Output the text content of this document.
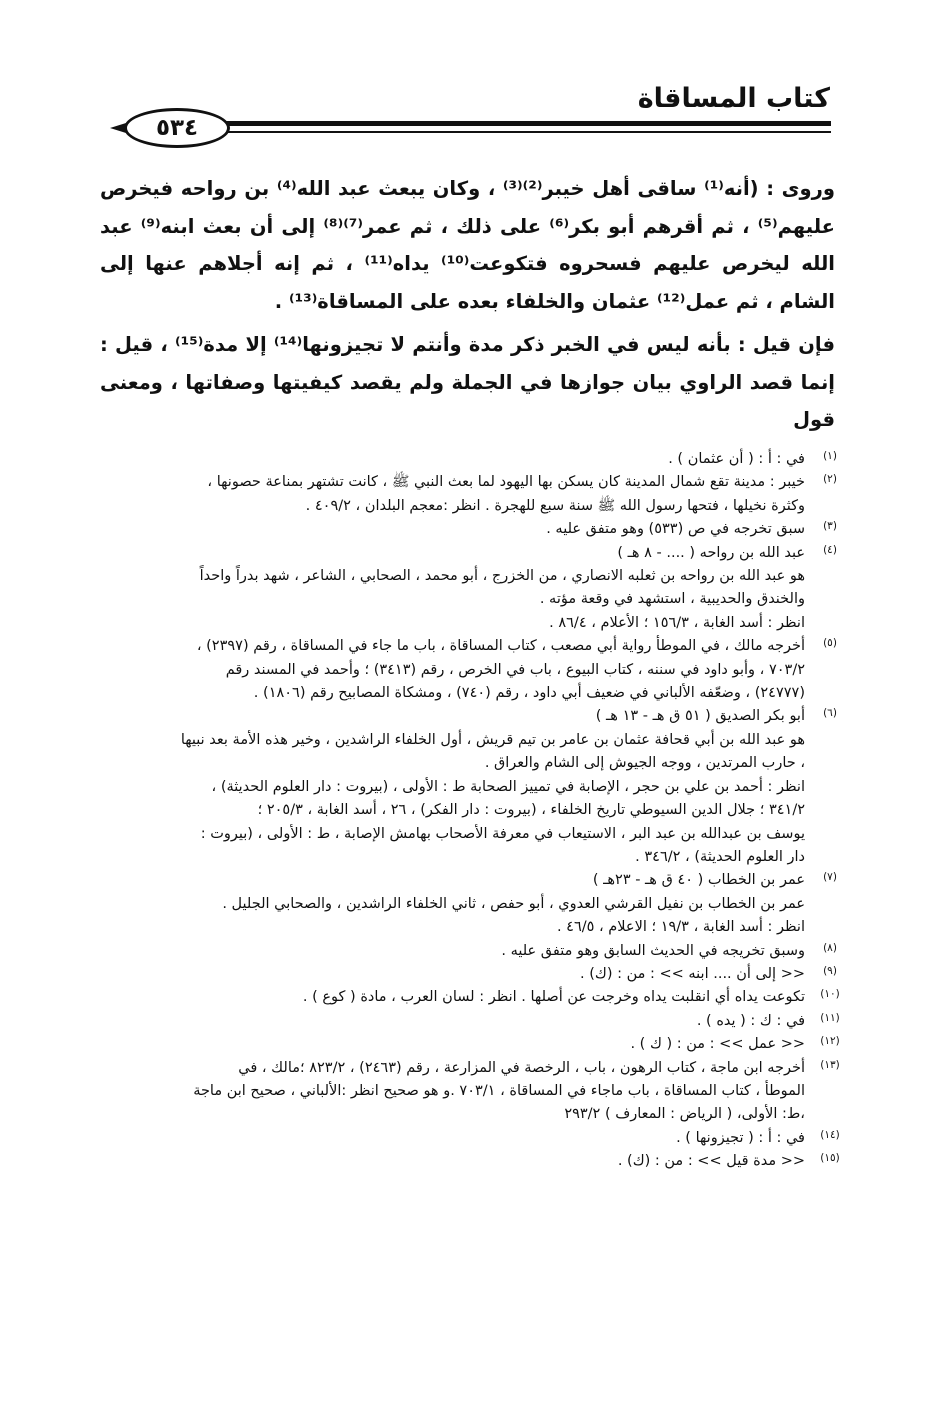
كتاب المساقاة
٥٣٤

وروى : (أنه⁽¹⁾ ساقى أهل خيبر⁽²⁾⁽³⁾ ، وكان يبعث عبد الله⁽⁴⁾ بن رواحه فيخرص عليهم⁽⁵⁾ ، ثم أقرهم أبو بكر⁽⁶⁾ على ذلك ، ثم عمر⁽⁷⁾⁽⁸⁾ إلى أن بعث ابنه⁽⁹⁾ عبد الله ليخرص عليهم فسحروه فتكوعت⁽¹⁰⁾ يداه⁽¹¹⁾ ، ثم إنه أجلاهم عنها إلى الشام ، ثم عمل⁽¹²⁾ عثمان والخلفاء بعده على المساقاة⁽¹³⁾ .

فإن قيل : بأنه ليس في الخبر ذكر مدة وأنتم لا تجيزونها⁽¹⁴⁾ إلا مدة⁽¹⁵⁾ ، قيل : إنما قصد الراوي بيان جوازها في الجملة ولم يقصد كيفيتها وصفاتها ، ومعنى قول

(١)
في : أ : ( أن عثمان ) .
(٢)
خيبر : مدينة تقع شمال المدينة كان يسكن بها اليهود لما بعث النبي ﷺ ، كانت تشتهر بمناعة حصونها ،
وكثرة نخيلها ، فتحها رسول الله ﷺ سنة سبع للهجرة . انظر :معجم البلدان ، ٤٠٩/٢ .
(٣)
سبق تخرجه في ص (٥٣٣) وهو متفق عليه .
(٤)
عبد الله بن رواحه ( .... - ٨ هـ )
هو عبد الله بن رواحه بن ثعلبه الانصاري ، من الخزرج ، أبو محمد ، الصحابي ، الشاعر ، شهد بدراً واحداً
والخندق والحديبية ، استشهد في وقعة مؤته .
انظر : أسد الغابة ، ١٥٦/٣ ؛ الأعلام ، ٨٦/٤ .
(٥)
أخرجه مالك ، في الموطأ رواية أبي مصعب ، كتاب المساقاة ، باب ما جاء في المساقاة ، رقم (٢٣٩٧) ،
٧٠٣/٢ ، وأبو داود في سننه ، كتاب البيوع ، باب في الخرص ، رقم (٣٤١٣) ؛ وأحمد في المسند رقم
(٢٤٧٧٧) ، وضعّفه الألباني في ضعيف أبي داود ، رقم (٧٤٠) ، ومشكاة المصابيح رقم (١٨٠٦) .
(٦)
أبو بكر الصديق ( ٥١ ق هـ - ١٣ هـ )
هو عبد الله بن أبي قحافة عثمان بن عامر بن تيم قريش ، أول الخلفاء الراشدين ، وخير هذه الأمة بعد نبيها
، حارب المرتدين ، ووجه الجيوش إلى الشام والعراق .
انظر : أحمد بن علي بن حجر ، الإصابة في تمييز الصحابة ط : الأولى ، (بيروت : دار العلوم الحديثة) ،
٣٤١/٢ ؛ جلال الدين السيوطي تاريخ الخلفاء ، (بيروت : دار الفكر) ، ٢٦ ، أسد الغابة ، ٢٠٥/٣ ؛
يوسف بن عبدالله بن عبد البر ، الاستيعاب في معرفة الأصحاب بهامش الإصابة ، ط : الأولى ، (بيروت :
دار العلوم الحديثة) ، ٣٤٦/٢ .
(٧)
عمر بن الخطاب ( ٤٠ ق هـ - ٢٣هـ )
عمر بن الخطاب بن نفيل القرشي العدوي ، أبو حفص ، ثاني الخلفاء الراشدين ، والصحابي الجليل .
انظر : أسد الغابة ، ١٩/٣ ؛ الاعلام ، ٤٦/٥ .
(٨)
وسبق تخريجه في الحديث السابق وهو متفق عليه .
(٩)
<< إلى أن .... ابنه >> : من : (ك) .
(١٠)
تكوعت يداه أي انقلبت يداه وخرجت عن أصلها . انظر : لسان العرب ، مادة ( كوع ) .
(١١)
في : ك : ( يده ) .
(١٢)
<< عمل >> : من : ( ك ) .
(١٣)
أخرجه ابن ماجة ، كتاب الرهون ، باب ، الرخصة في المزارعة ، رقم (٢٤٦٣) ، ٨٢٣/٢ ؛مالك ، في
الموطأ ، كتاب المساقاة ، باب ماجاء في المساقاة ، ٧٠٣/١ .و هو صحيح انظر :الألباني ، صحيح ابن ماجة
،ط: الأولى، ( الرياض : المعارف ) ٢٩٣/٢
(١٤)
في : أ : ( تجيزونها ) .
(١٥)
<< مدة قيل >> : من : (ك) .
